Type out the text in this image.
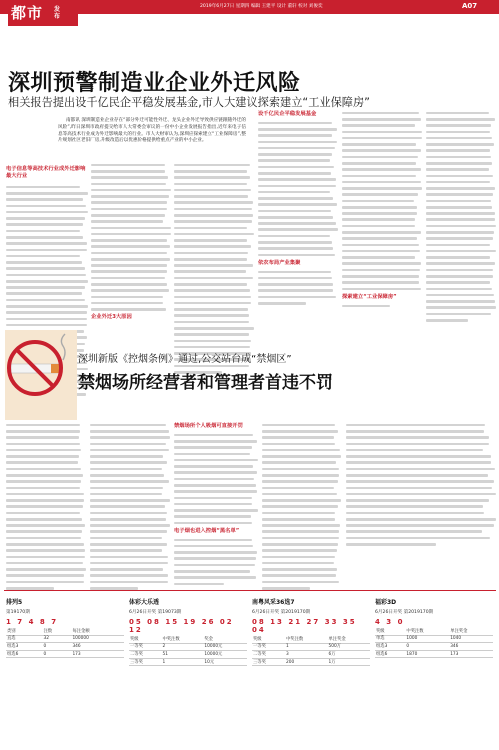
2019年6月27日 星期四 编辑 王建平 设计 董轩 校对 刘俊奕	A07
都市 发布
深圳预警制造业企业外迁风险
相关报告提出设千亿民企平稳发展基金,市人大建议探索建立“工业保障房”

南都讯 深圳制造业企业存在“部分外迁可能性外迁、龙头企业外迁导致供应链跟随外迁的风险”,昨日深圳市政府提交给市人大常委会审议的一份中小企业发展报告指出,近年来电子信息等高技术行业成为外迁影响最大的行业。市人大财审认为,深圳应探索建立“工业保障房”,整片规划社区老旧厂房,升级改造后以优惠价格提供给重点产业的中小企业。

电子信息等高技术行业成外迁影响最大行业
企业外迁3大原因
设千亿民企平稳发展基金
依农布局产业集聚
探索建立“工业保障房”
深圳新版《控烟条例》通过,公交站台成“禁烟区”
禁烟场所经营者和管理者首违不罚
禁烟场所个人吸烟可直接开罚
电子烟也进入控烟“黑名单”
排列5
第19170期
1 7 4 8 7
类别	注数	每注金额
直选	32	100000
组选3	0	346
组选6	0	173
体彩大乐透
6月26日开奖 第19073期
05 08 15 19 26 02 12
奖级	中奖注数	奖金
一等奖	2	10000元
二等奖	51	10000元
三等奖	1	10元
南粤风采36选7
6月26日开奖 第2019170期
08 13 21 27 33 35 04
奖级	中奖注数	单注奖金
一等奖	1	500万
二等奖	3	6万
三等奖	200	1万
福彩3D
6月26日开奖 第2019170期
4 3 0
奖级	中奖注数	单注奖金
单选	1000	1040
组选3	0	346
组选6	1870	173
